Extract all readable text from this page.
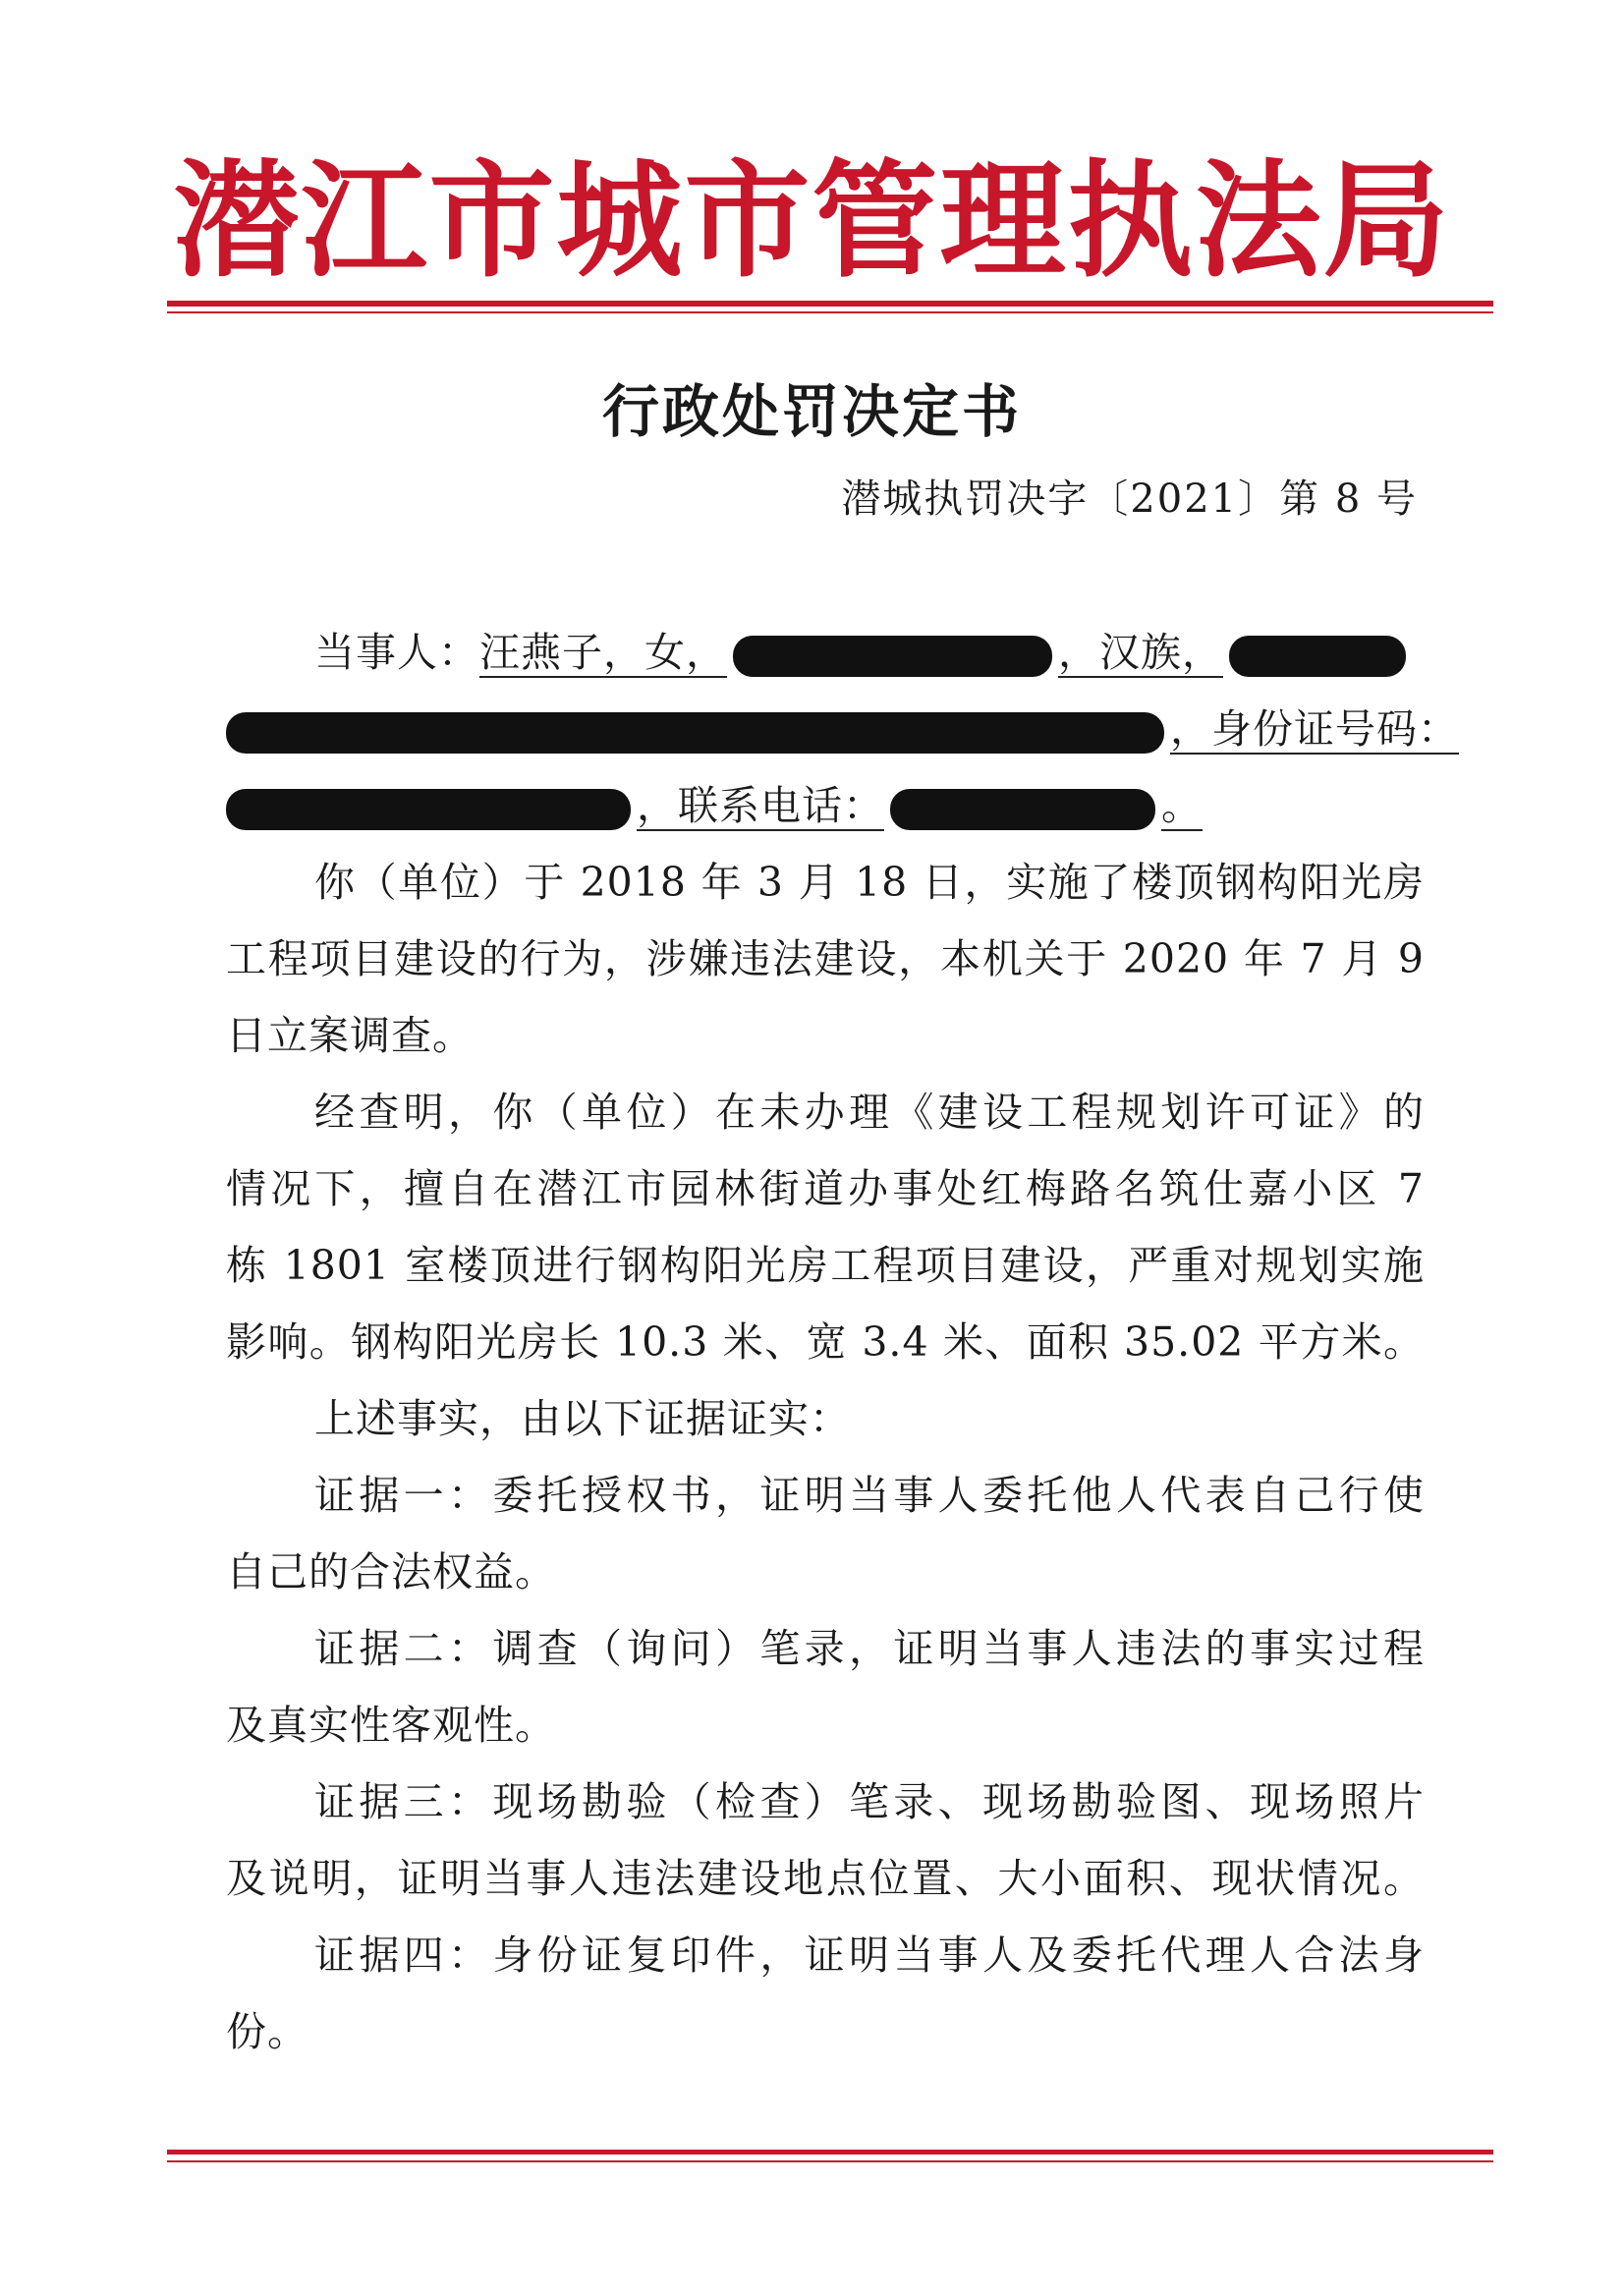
潜江市城市管理执法局
行政处罚决定书
潜城执罚决字〔2021〕第 8 号
当事人：汪燕子，女，	，汉族，
，身份证号码：
，联系电话：	。
你（单位）于 2018 年 3 月 18 日，实施了楼顶钢构阳光房
工程项目建设的行为，涉嫌违法建设，本机关于 2020 年 7 月 9
日立案调查。
经查明，你（单位）在未办理《建设工程规划许可证》的
情况下，擅自在潜江市园林街道办事处红梅路名筑仕嘉小区 7
栋 1801 室楼顶进行钢构阳光房工程项目建设，严重对规划实施
影响。钢构阳光房长 10.3 米、宽 3.4 米、面积 35.02 平方米。
上述事实，由以下证据证实：
证据一：委托授权书，证明当事人委托他人代表自己行使
自己的合法权益。
证据二：调查（询问）笔录，证明当事人违法的事实过程
及真实性客观性。
证据三：现场勘验（检查）笔录、现场勘验图、现场照片
及说明，证明当事人违法建设地点位置、大小面积、现状情况。
证据四：身份证复印件，证明当事人及委托代理人合法身
份。
